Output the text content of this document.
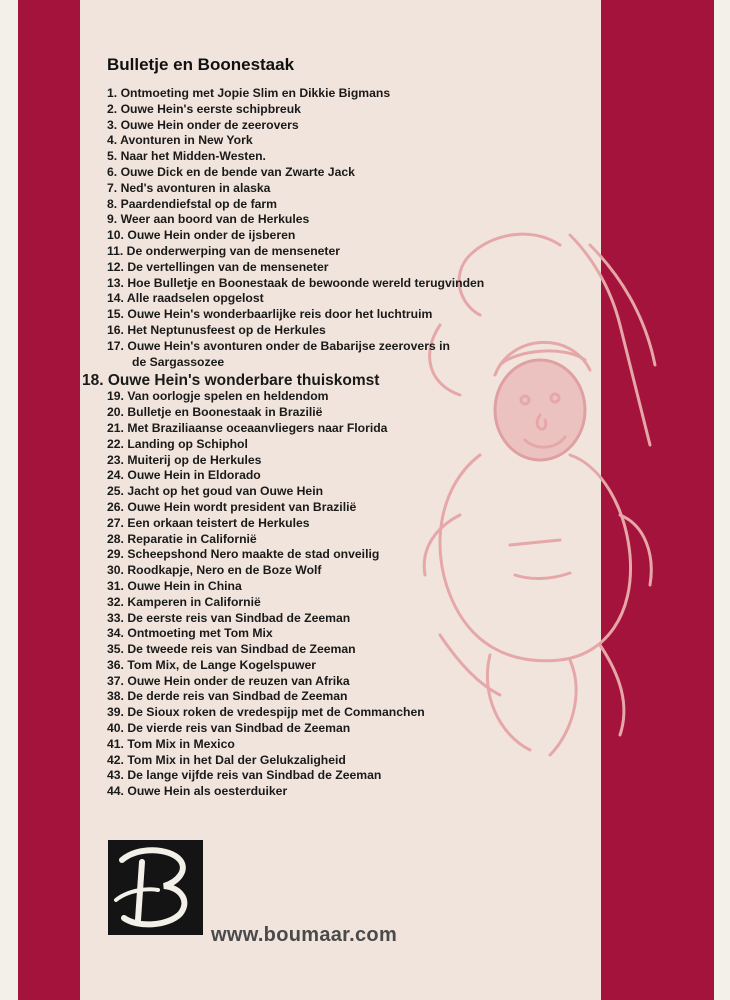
Bulletje en Boonestaak
1. Ontmoeting met Jopie Slim en Dikkie Bigmans
2. Ouwe Hein's eerste schipbreuk
3. Ouwe Hein onder de zeerovers
4. Avonturen in New York
5. Naar het Midden-Westen.
6. Ouwe Dick en de bende van Zwarte Jack
7. Ned's avonturen in alaska
8. Paardendiefstal op de farm
9. Weer aan boord van de Herkules
10. Ouwe Hein onder de ijsberen
11. De onderwerping van de menseneter
12. De vertellingen van de menseneter
13. Hoe Bulletje en Boonestaak de bewoonde wereld terugvinden
14. Alle raadselen opgelost
15. Ouwe Hein's wonderbaarlijke reis door het luchtruim
16. Het Neptunusfeest op de Herkules
17. Ouwe Hein's avonturen onder de Babarijse zeerovers in
de Sargassozee
18. Ouwe Hein's wonderbare thuiskomst
19. Van oorlogje spelen en heldendom
20. Bulletje en Boonestaak in Brazilië
21. Met Braziliaanse oceaanvliegers naar Florida
22. Landing op Schiphol
23. Muiterij op de Herkules
24. Ouwe Hein in Eldorado
25. Jacht op het goud van Ouwe Hein
26. Ouwe Hein wordt president van Brazilië
27. Een orkaan teistert de Herkules
28. Reparatie in Californië
29. Scheepshond Nero maakte de stad onveilig
30. Roodkapje, Nero en de Boze Wolf
31. Ouwe Hein in China
32. Kamperen in Californië
33. De eerste reis van Sindbad de Zeeman
34. Ontmoeting met Tom Mix
35. De tweede reis van Sindbad de Zeeman
36. Tom Mix, de Lange Kogelspuwer
37. Ouwe Hein onder de reuzen van Afrika
38. De derde reis van Sindbad de Zeeman
39. De Sioux roken de vredespijp met de Commanchen
40. De vierde reis van Sindbad de Zeeman
41. Tom Mix in Mexico
42. Tom Mix in het Dal der Gelukzaligheid
43. De lange vijfde reis van Sindbad de Zeeman
44. Ouwe Hein als oesterduiker
www.boumaar.com
